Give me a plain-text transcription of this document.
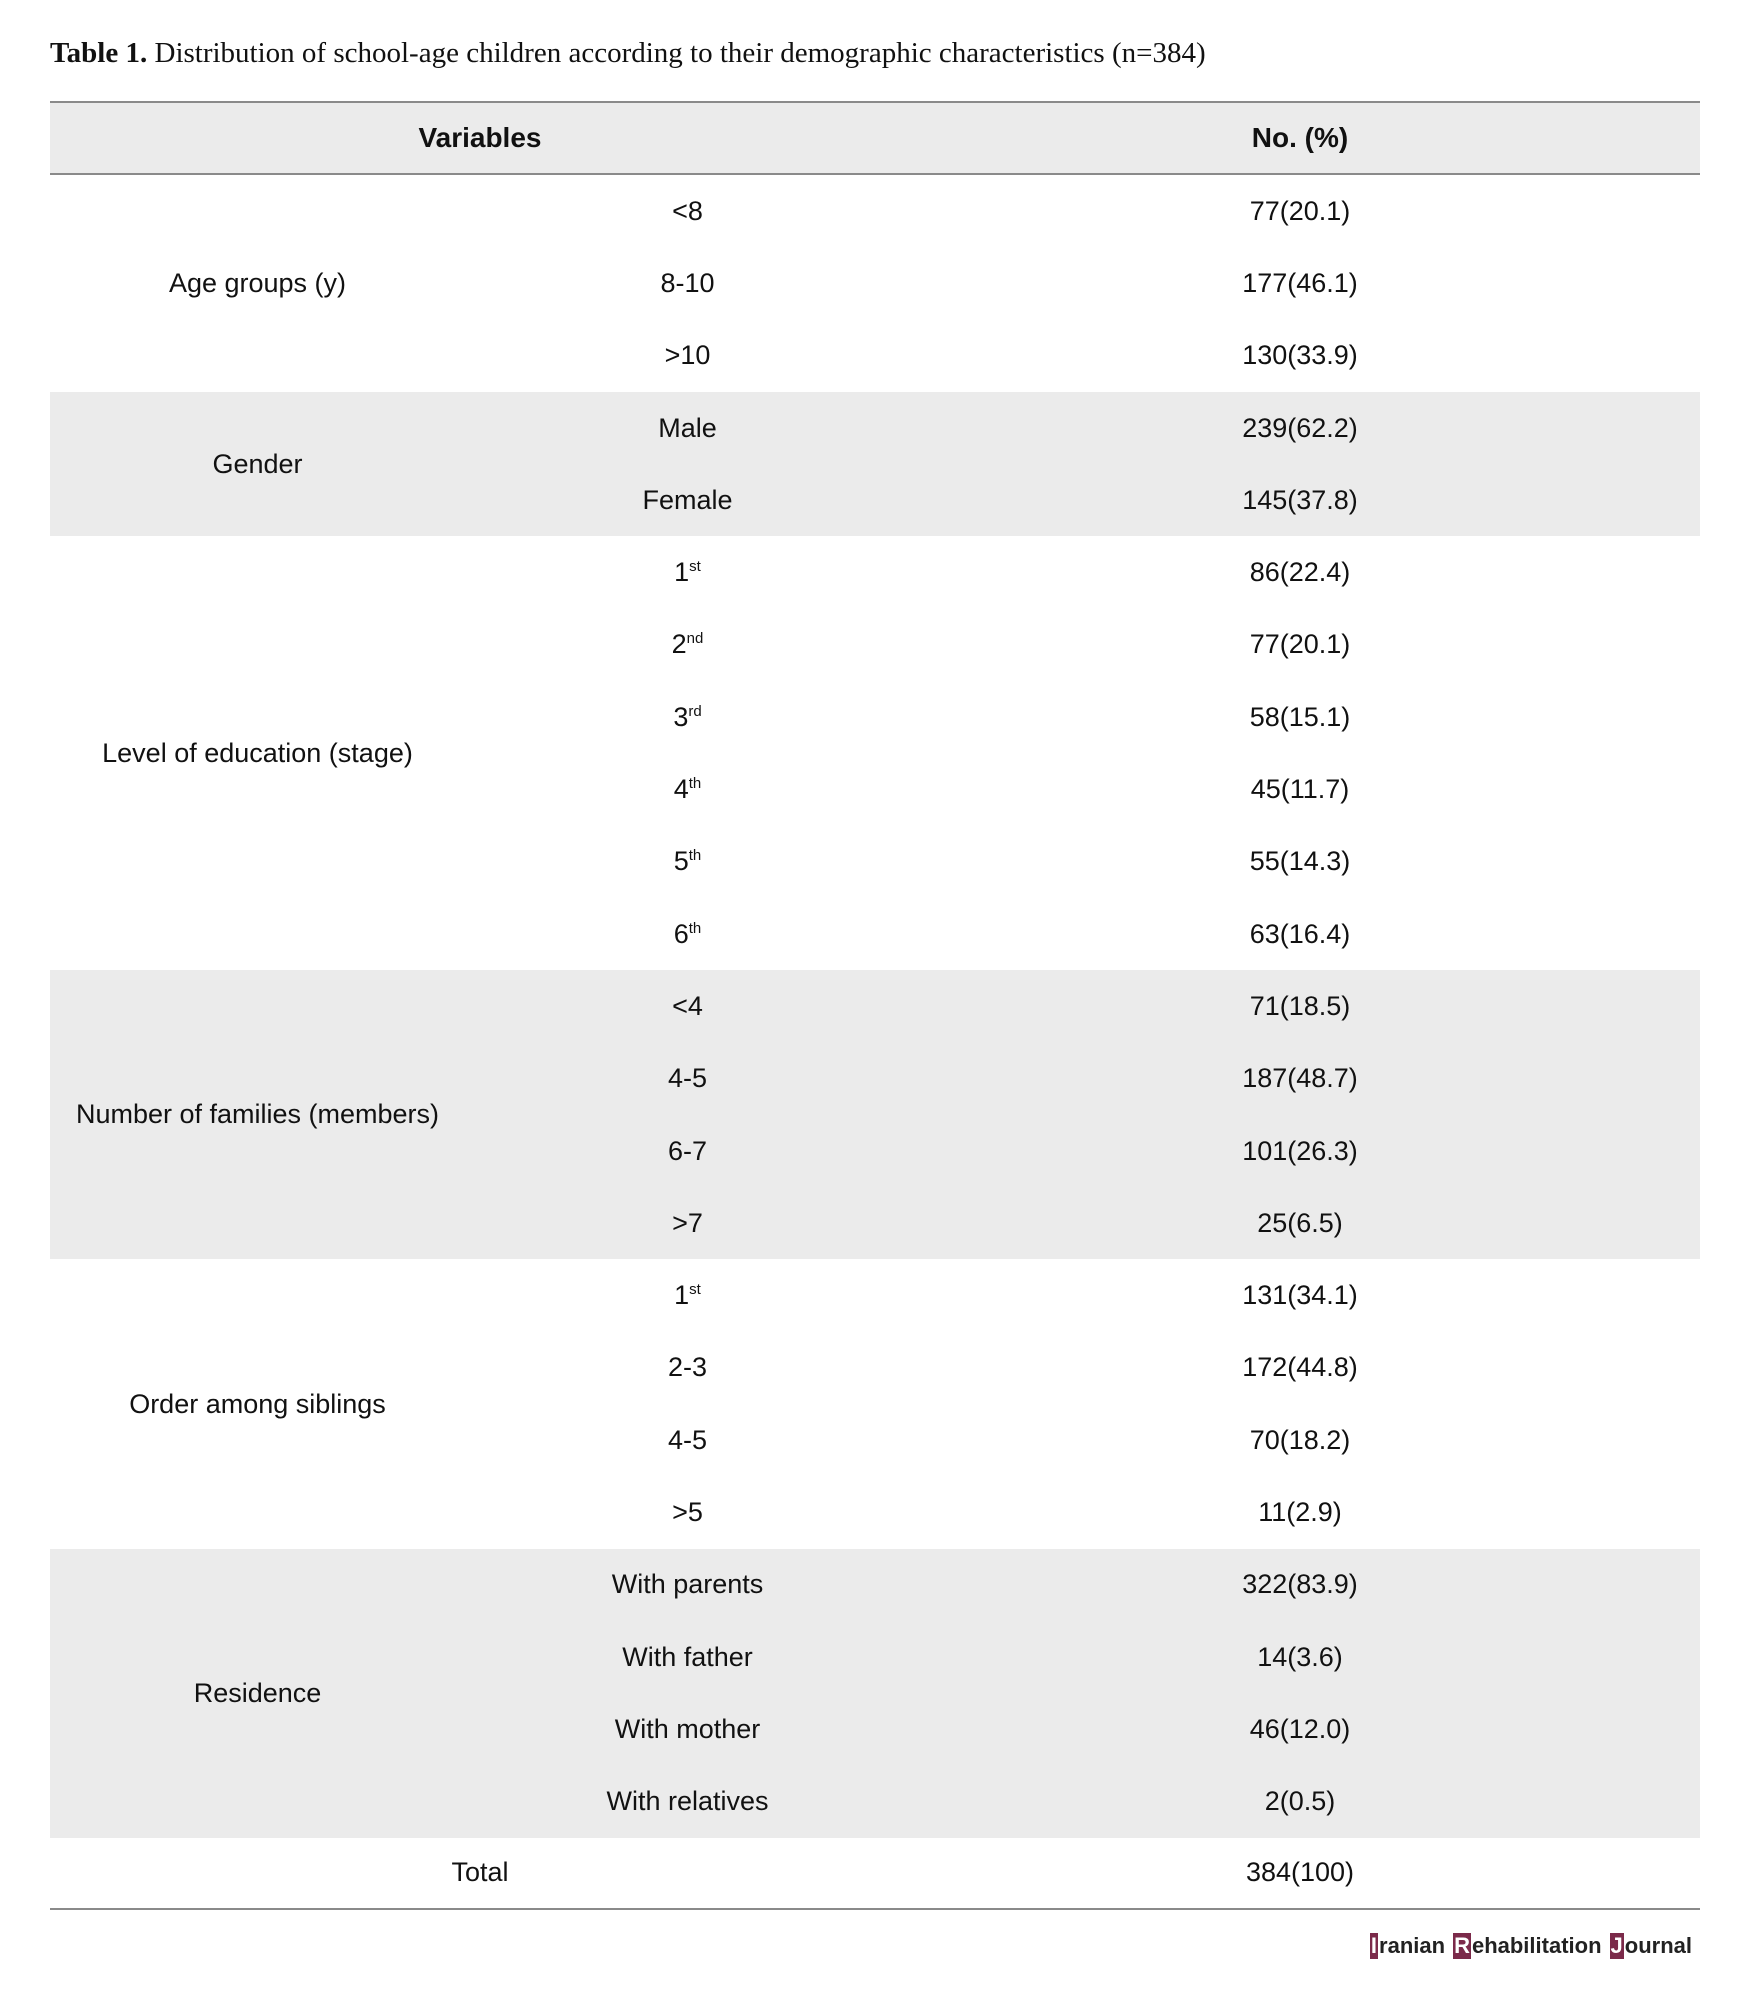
Table 1. Distribution of school-age children according to their demographic characteristics (n=384)
Variables	No. (%)
Age groups (y)
<8	77(20.1)
8-10	177(46.1)
>10	130(33.9)
Gender
Male	239(62.2)
Female	145(37.8)
Level of education (stage)
1st	86(22.4)
2nd	77(20.1)
3rd	58(15.1)
4th	45(11.7)
5th	55(14.3)
6th	63(16.4)
Number of families (members)
<4	71(18.5)
4-5	187(48.7)
6-7	101(26.3)
>7	25(6.5)
Order among siblings
1st	131(34.1)
2-3	172(44.8)
4-5	70(18.2)
>5	11(2.9)
Residence
With parents	322(83.9)
With father	14(3.6)
With mother	46(12.0)
With relatives	2(0.5)
Total	384(100)
Iranian Rehabilitation Journal
